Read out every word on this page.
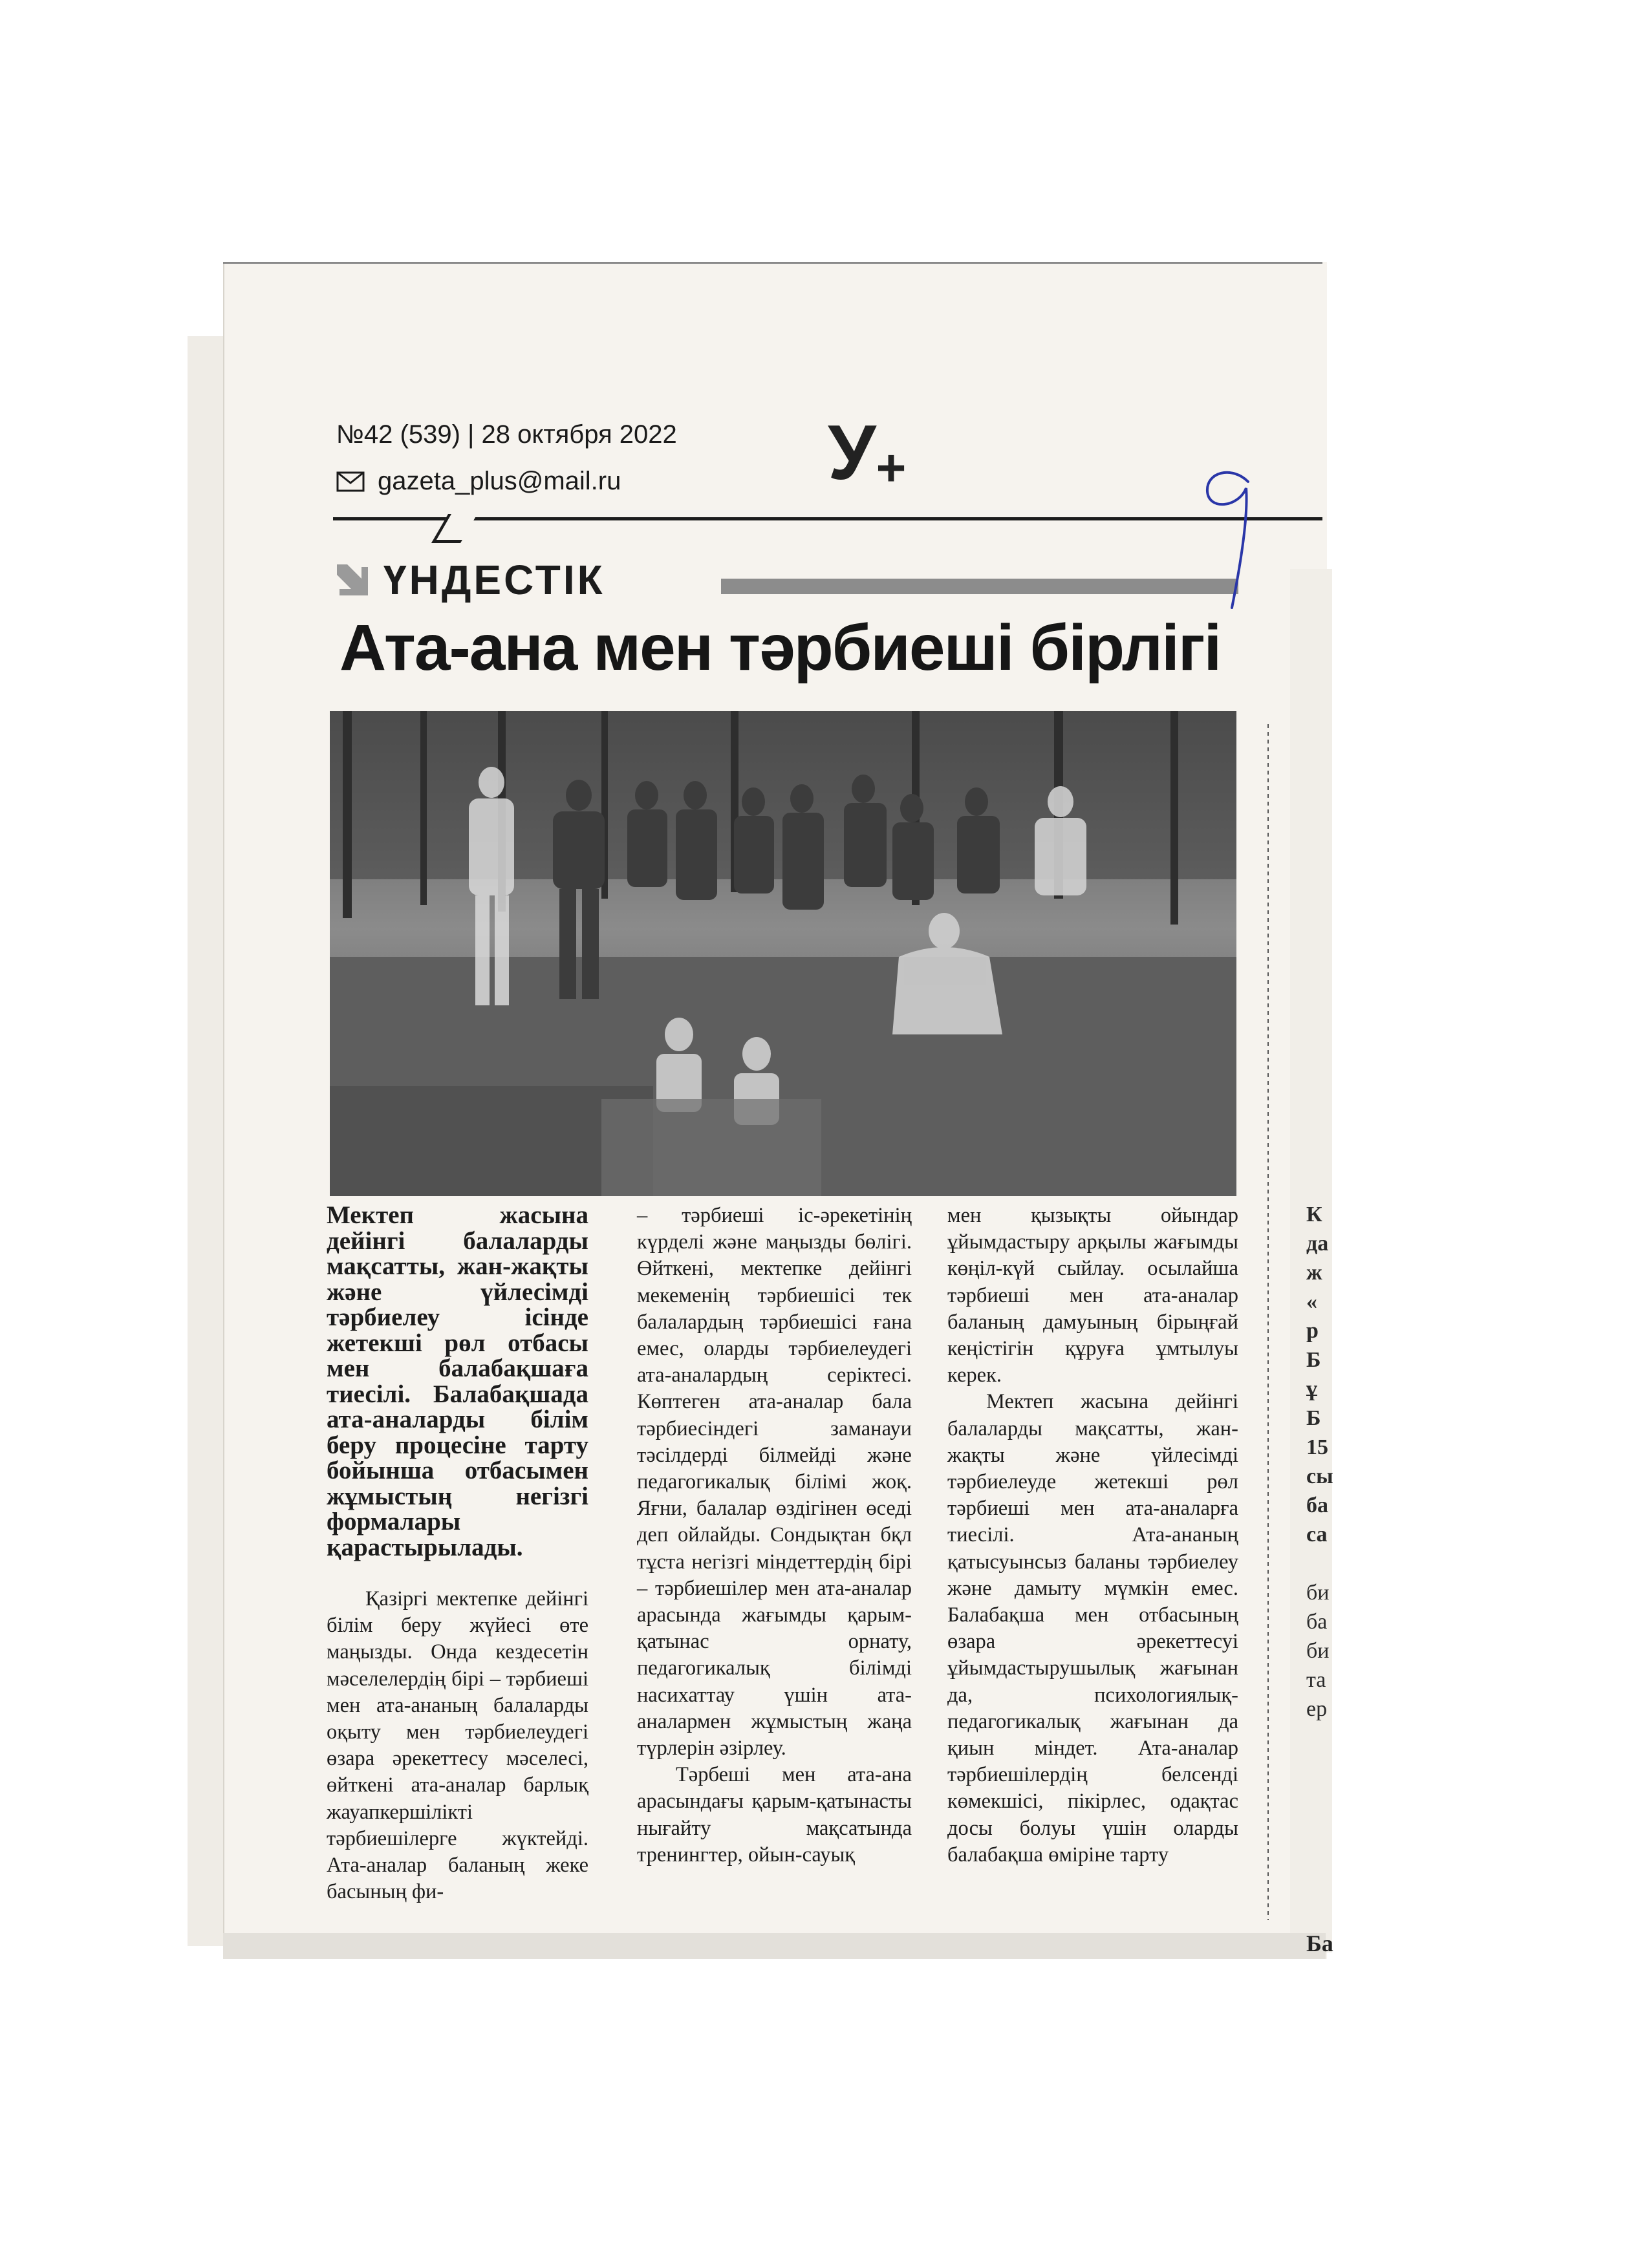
№42 (539) | 28 октября 2022
gazeta_plus@mail.ru	У+
ҮНДЕСТІК
Ата-ана мен тәрбиеші бірлігі

Мектеп жасына дейінгі балаларды мақсатты, жан-жақты және үйлесімді тәрбиелеу ісінде жетекші рөл отбасы мен балабақшаға тиесілі. Балабақшада ата-аналарды білім беру процесіне тарту бойынша отбасымен жұмыстың негізгі формалары қарастырылады.

Қазіргі мектепке дейінгі білім беру жүйесі өте маңызды. Онда кездесетін мәселелердің бірі – тәрбиеші мен ата-ананың балаларды оқыту мен тәрбиелеудегі өзара әрекеттесу мәселесі, өйткені ата-аналар барлық жауапкершілікті тәрбиешілерге жүктейді. Ата-аналар баланың жеке басының фи-

– тәрбиеші іс-әрекетінің күрделі және маңызды бөлігі. Өйткені, мектепке дейінгі мекеменің тәрбиешісі тек балалардың тәрбиешісі ғана емес, оларды тәрбиелеудегі ата-аналардың серіктесі. Көптеген ата-аналар бала тәрбиесіндегі заманауи тәсілдерді білмейді және педагогикалық білімі жоқ. Яғни, балалар өздігінен өседі деп ойлайды. Сондықтан бқл тұста негізгі міндеттердің бірі – тәрбиешілер мен ата-аналар арасында жағымды қарым-қатынас орнату, педагогикалық білімді насихаттау үшін ата-аналармен жұмыстың жаңа түрлерін әзірлеу.

Тәрбеші мен ата-ана арасындағы қарым-қатынасты нығайту мақсатында тренингтер, ойын-сауық

мен қызықты ойындар ұйымдастыру арқылы жағымды көңіл-күй сыйлау. осылайша тәрбиеші мен ата-аналар баланың дамуының бірыңғай кеңістігін құруға ұмтылуы керек.

Мектеп жасына дейінгі балаларды мақсатты, жан-жақты және үйлесімді тәрбиелеуде жетекші рөл тәрбиеші мен ата-аналарға тиесілі. Ата-ананың қатысуынсыз баланы тәрбиелеу және дамыту мүмкін емес. Балабақша мен отбасының өзара әрекеттесуі ұйымдастырушылық жағынан да, психологиялық-педагогикалық жағынан да қиын міндет. Ата-аналар тәрбиешілердің белсенді көмекшісі, пікірлес, одақтас досы болуы үшін оларды балабақша өміріне тарту

К
да
ж
«
р
Б
ұ
Б
15
сы
ба
са
би
ба
би
та
ер
Ба
